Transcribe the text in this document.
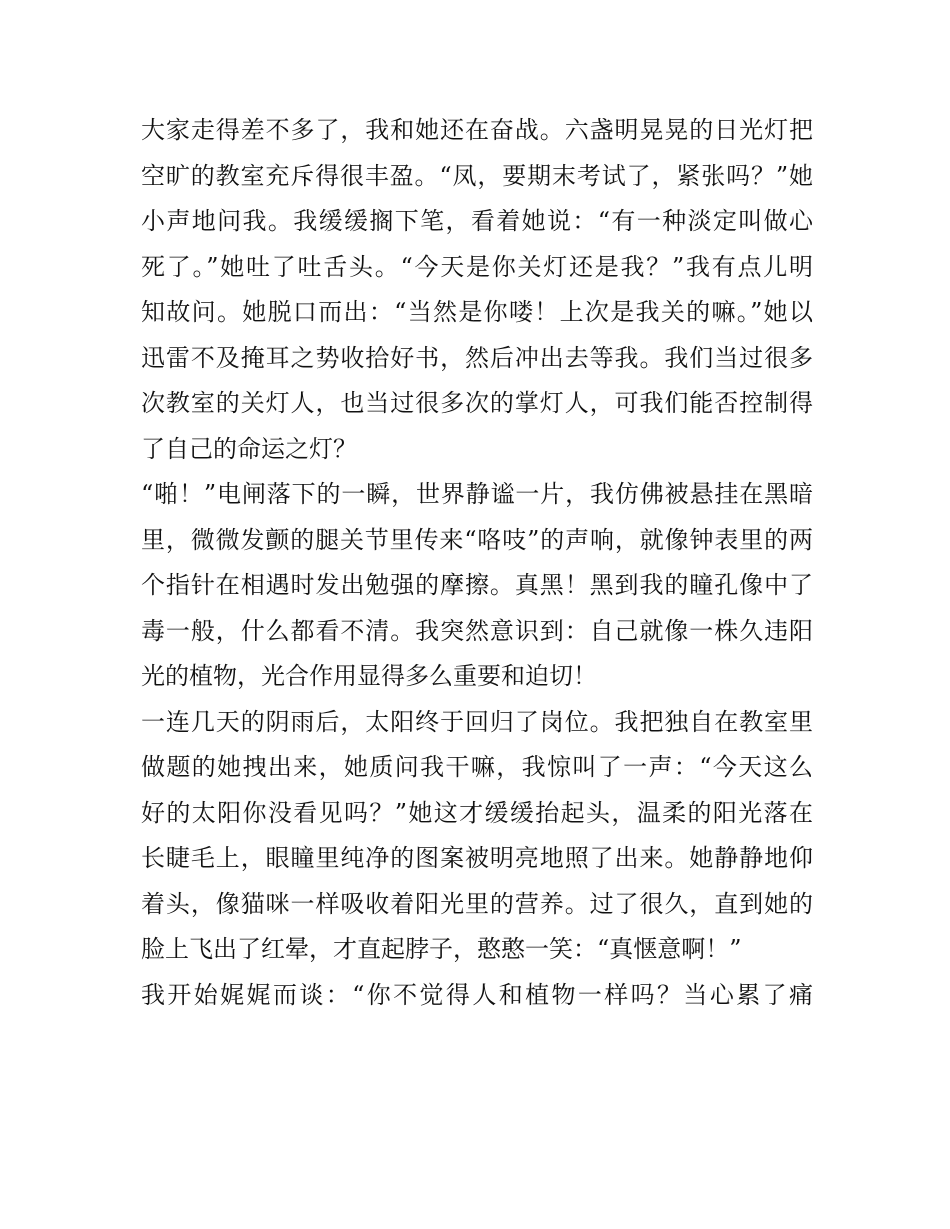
大家走得差不多了，我和她还在奋战。六盏明晃晃的日光灯把
空旷的教室充斥得很丰盈。“凤，要期末考试了，紧张吗？”她
小声地问我。我缓缓搁下笔，看着她说：“有一种淡定叫做心
死了。”她吐了吐舌头。“今天是你关灯还是我？”我有点儿明
知故问。她脱口而出：“当然是你喽！上次是我关的嘛。”她以
迅雷不及掩耳之势收拾好书，然后冲出去等我。我们当过很多
次教室的关灯人，也当过很多次的掌灯人，可我们能否控制得
了自己的命运之灯？
“啪！”电闸落下的一瞬，世界静谧一片，我仿佛被悬挂在黑暗
里，微微发颤的腿关节里传来“咯吱”的声响，就像钟表里的两
个指针在相遇时发出勉强的摩擦。真黑！黑到我的瞳孔像中了
毒一般，什么都看不清。我突然意识到：自己就像一株久违阳
光的植物，光合作用显得多么重要和迫切！
一连几天的阴雨后，太阳终于回归了岗位。我把独自在教室里
做题的她拽出来，她质问我干嘛，我惊叫了一声：“今天这么
好的太阳你没看见吗？”她这才缓缓抬起头，温柔的阳光落在
长睫毛上，眼瞳里纯净的图案被明亮地照了出来。她静静地仰
着头，像猫咪一样吸收着阳光里的营养。过了很久，直到她的
脸上飞出了红晕，才直起脖子，憨憨一笑：“真惬意啊！”
我开始娓娓而谈：“你不觉得人和植物一样吗？当心累了痛
